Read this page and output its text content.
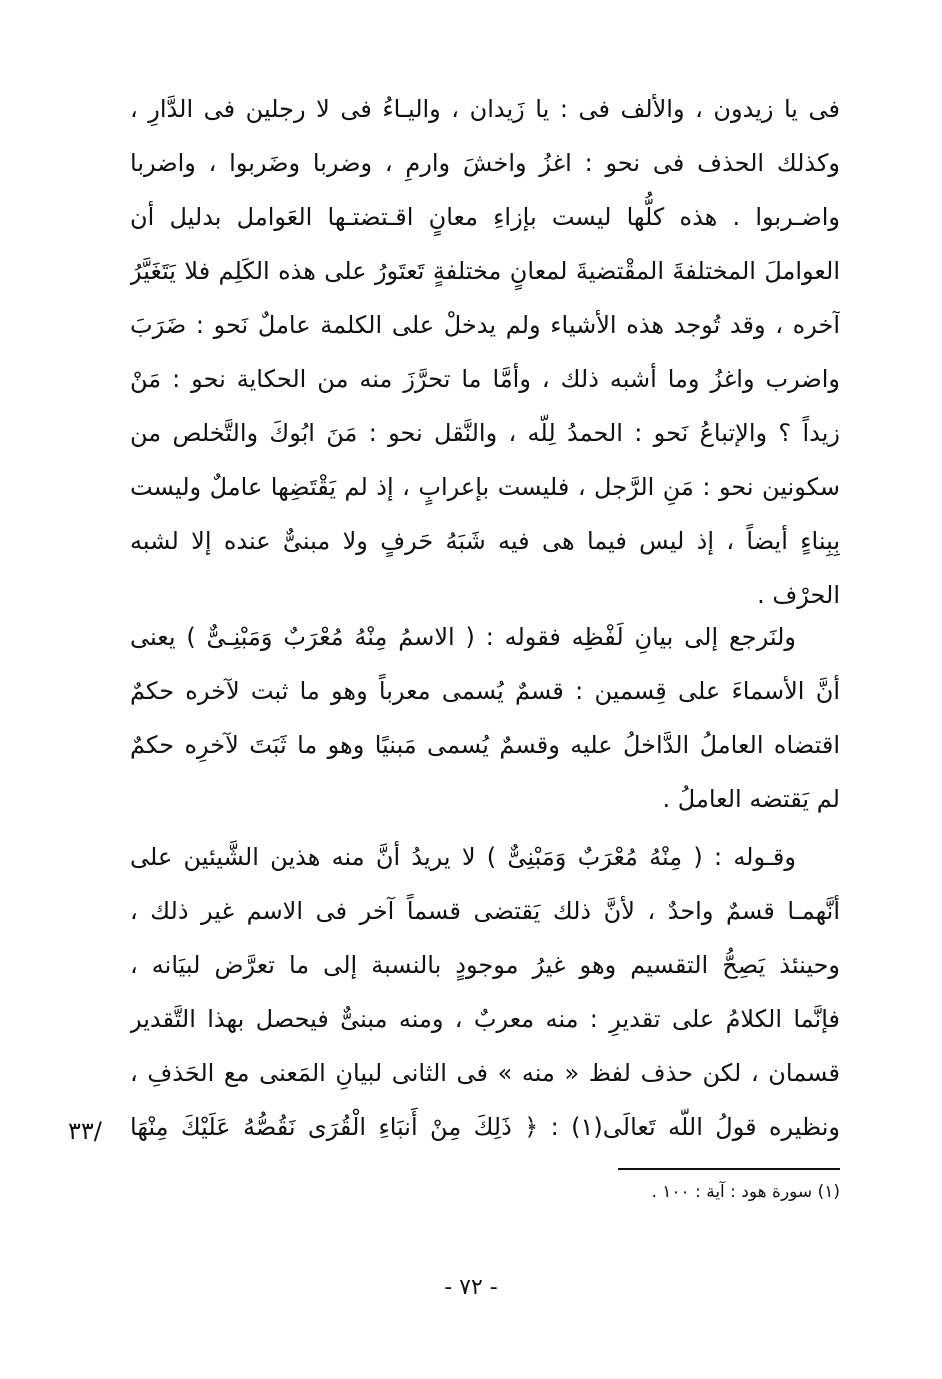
فى يا زيدون ، والألف فى : يا زَيدان ، واليـاءُ فى لا رجلين فى الدَّارِ ،
وكذلك الحذف فى نحو : اغزُ واخشَ وارمِ ، وضربا وضَربوا ، واضربا
واضـربوا . هذه كلُّها ليست بإزاءِ معانٍ اقـتضتـها العَوامل بدليل أن
العواملَ المختلفةَ المقْتضيةَ لمعانٍ مختلفةٍ تَعتَورُ على هذه الكَلِم فلا يَتَغَيَّرُ
آخره ، وقد تُوجد هذه الأشياء ولم يدخلْ على الكلمة عاملٌ نَحو : ضَرَبَ
واضرب واغزُ وما أشبه ذلك ، وأمَّا ما تحرَّزَ منه من الحكاية نحو : مَنْ
زيداً ؟ والإتباعُ نَحو : الحمدُ لِلّه ، والنَّقل نحو : مَنَ ابُوكَ والتَّخلص من
سكونين نحو : مَنِ الرَّجل ، فليست بإعرابٍ ، إذ لم يَقْتَضِها عاملٌ وليست
بِبِناءٍ أيضاً ، إذ ليس فيما هى فيه شَبَهُ حَرفٍ ولا مبنىٌّ عنده إلا لشبه
الحرْف .
ولنَرجع إلى بيانِ لَفْظِه فقوله : ( الاسمُ مِنْهُ مُعْرَبٌ وَمَبْنِـىٌّ ) يعنى
أنَّ الأسماءَ على قِسمين : قسمٌ يُسمى معرباً وهو ما ثبت لآخره حكمٌ
اقتضاه العاملُ الدَّاخلُ عليه وقسمٌ يُسمى مَبنيًا وهو ما ثَبَتَ لآخرِه حكمٌ
لم يَقتضه العاملُ .
وقـوله : ( مِنْهُ مُعْرَبٌ وَمَبْنِىٌّ ) لا يريدُ أنَّ منه هذين الشَّيئين على
أنَّهمـا قسمٌ واحدٌ ، لأنَّ ذلك يَقتضى قسماً آخر فى الاسم غير ذلك ،
وحينئذ يَصِحُّ التقسيم وهو غيرُ موجودٍ بالنسبة إلى ما تعرَّض لبيَانه ،
فإنَّما الكلامُ على تقديرِ : منه معربٌ ، ومنه مبنىٌّ فيحصل بهذا التَّقدير
قسمان ، لكن حذف لفظ « منه » فى الثانى لبيانِ المَعنى مع الحَذفِ ،
ونظيره قولُ اللّه تَعالَى(١) : ﴿ ذَلِكَ مِنْ أَنبَاءِ الْقُرَى نَقُصُّهُ عَلَيْكَ مِنْهَا
/٣٣
(١) سورة هود : آية : ١٠٠ .
- ٧٢ -
